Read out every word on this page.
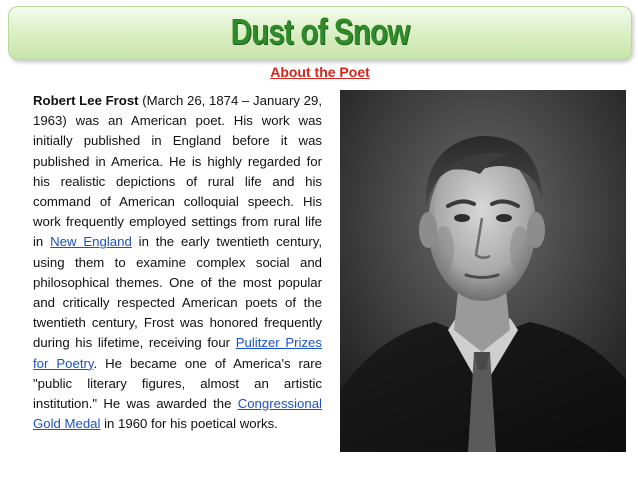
Dust of Snow
About the Poet
Robert Lee Frost (March 26, 1874 – January 29, 1963) was an American poet. His work was initially published in England before it was published in America. He is highly regarded for his realistic depictions of rural life and his command of American colloquial speech. His work frequently employed settings from rural life in New England in the early twentieth century, using them to examine complex social and philosophical themes. One of the most popular and critically respected American poets of the twentieth century, Frost was honored frequently during his lifetime, receiving four Pulitzer Prizes for Poetry. He became one of America's rare "public literary figures, almost an artistic institution." He was awarded the Congressional Gold Medal in 1960 for his poetical works.
